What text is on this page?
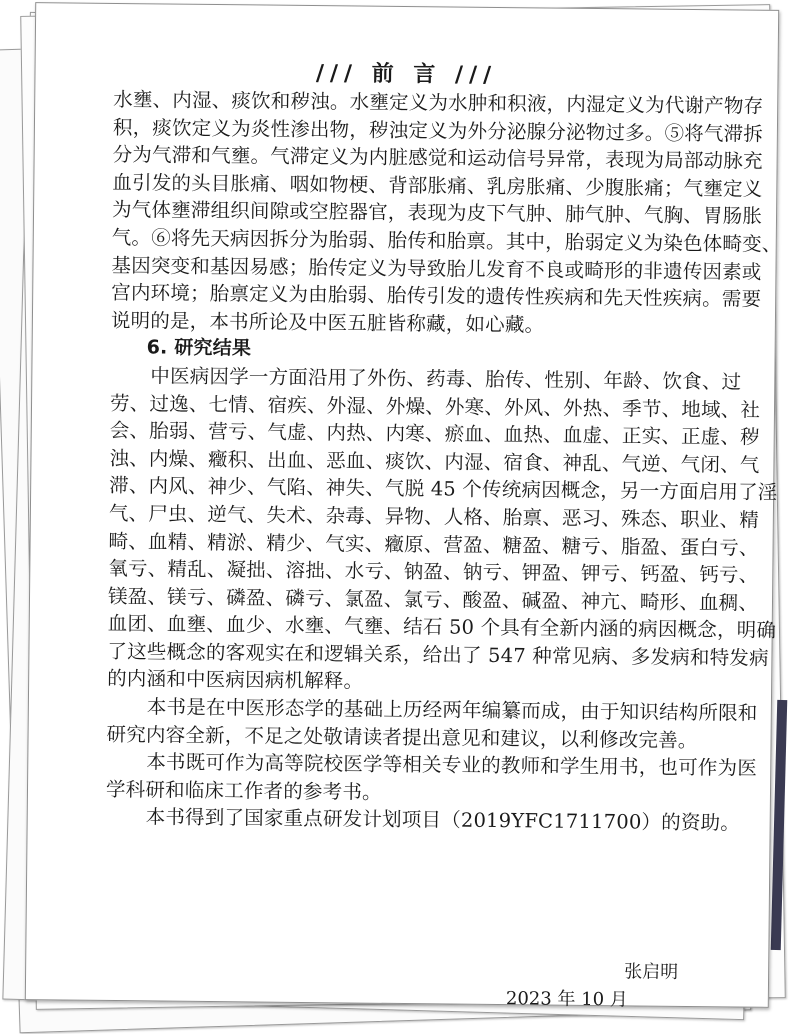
/// 前 言 ///
水壅、内湿、痰饮和秽浊。水壅定义为水肿和积液，内湿定义为代谢产物存
积，痰饮定义为炎性渗出物，秽浊定义为外分泌腺分泌物过多。⑤将气滞拆
分为气滞和气壅。气滞定义为内脏感觉和运动信号异常，表现为局部动脉充
血引发的头目胀痛、咽如物梗、背部胀痛、乳房胀痛、少腹胀痛；气壅定义
为气体壅滞组织间隙或空腔器官，表现为皮下气肿、肺气肿、气胸、胃肠胀
气。⑥将先天病因拆分为胎弱、胎传和胎禀。其中，胎弱定义为染色体畸变、
基因突变和基因易感；胎传定义为导致胎儿发育不良或畸形的非遗传因素或
宫内环境；胎禀定义为由胎弱、胎传引发的遗传性疾病和先天性疾病。需要
说明的是，本书所论及中医五脏皆称藏，如心藏。
6. 研究结果
中医病因学一方面沿用了外伤、药毒、胎传、性别、年龄、饮食、过
劳、过逸、七情、宿疾、外湿、外燥、外寒、外风、外热、季节、地域、社
会、胎弱、营亏、气虚、内热、内寒、瘀血、血热、血虚、正实、正虚、秽
浊、内燥、癥积、出血、恶血、痰饮、内湿、宿食、神乱、气逆、气闭、气
滞、内风、神少、气陷、神失、气脱 45 个传统病因概念，另一方面启用了淫
气、尸虫、逆气、失术、杂毒、异物、人格、胎禀、恶习、殊态、职业、精
畸、血精、精淤、精少、气实、癥原、营盈、糖盈、糖亏、脂盈、蛋白亏、
氧亏、精乱、凝拙、溶拙、水亏、钠盈、钠亏、钾盈、钾亏、钙盈、钙亏、
镁盈、镁亏、磷盈、磷亏、氯盈、氯亏、酸盈、碱盈、神亢、畸形、血稠、
血团、血壅、血少、水壅、气壅、结石 50 个具有全新内涵的病因概念，明确
了这些概念的客观实在和逻辑关系，给出了 547 种常见病、多发病和特发病
的内涵和中医病因病机解释。
本书是在中医形态学的基础上历经两年编纂而成，由于知识结构所限和
研究内容全新，不足之处敬请读者提出意见和建议，以利修改完善。
本书既可作为高等院校医学等相关专业的教师和学生用书，也可作为医
学科研和临床工作者的参考书。
本书得到了国家重点研发计划项目（2019YFC1711700）的资助。
张启明
2023 年 10 月
